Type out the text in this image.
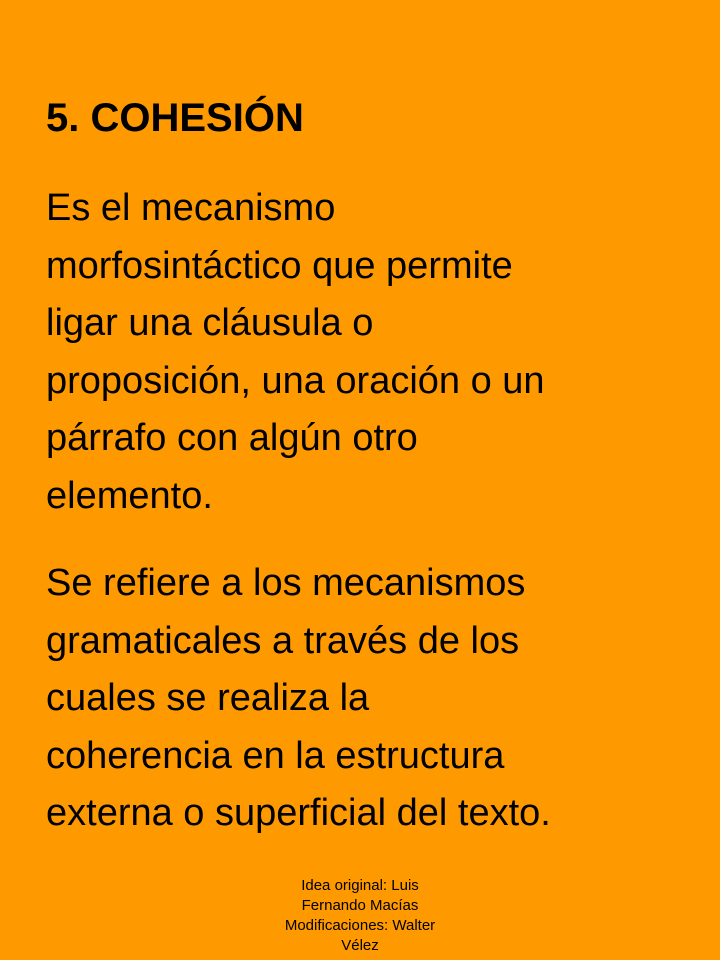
5. COHESIÓN

Es el mecanismo
morfosintáctico que permite
ligar una cláusula o
proposición, una oración o un
párrafo con algún otro
elemento.

Se refiere a los mecanismos
gramaticales a través de los
cuales se realiza la
coherencia en la estructura
externa o superficial del texto.

Idea original: Luis
Fernando Macías
Modificaciones: Walter
Vélez
